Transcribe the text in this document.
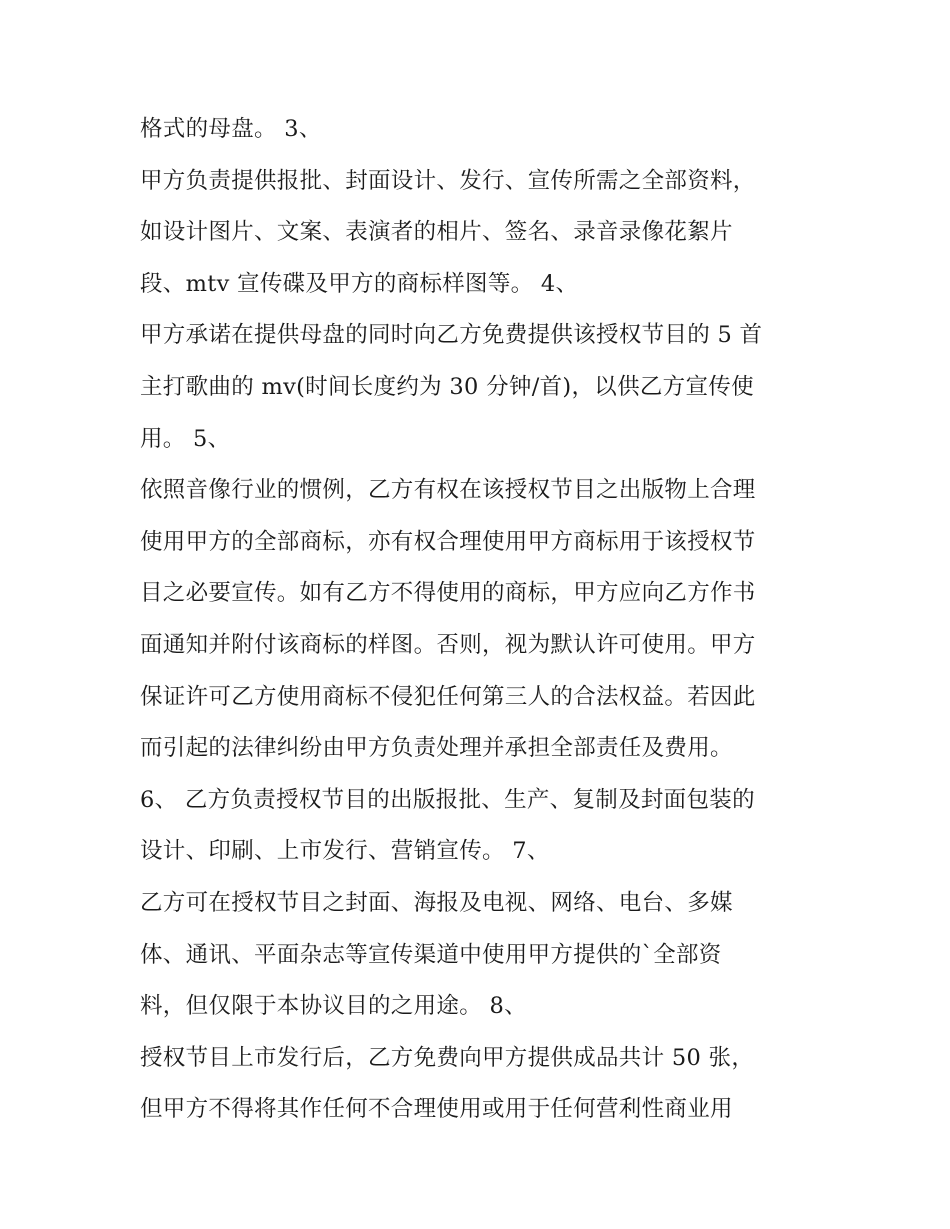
格式的母盘。 3、
甲方负责提供报批、封面设计、发行、宣传所需之全部资料，
如设计图片、文案、表演者的相片、签名、录音录像花絮片
段、mtv 宣传碟及甲方的商标样图等。 4、
甲方承诺在提供母盘的同时向乙方免费提供该授权节目的 5 首
主打歌曲的 mv(时间长度约为 30 分钟/首)，以供乙方宣传使
用。 5、
依照音像行业的惯例，乙方有权在该授权节目之出版物上合理
使用甲方的全部商标，亦有权合理使用甲方商标用于该授权节
目之必要宣传。如有乙方不得使用的商标，甲方应向乙方作书
面通知并附付该商标的样图。否则，视为默认许可使用。甲方
保证许可乙方使用商标不侵犯任何第三人的合法权益。若因此
而引起的法律纠纷由甲方负责处理并承担全部责任及费用。
6、 乙方负责授权节目的出版报批、生产、复制及封面包装的
设计、印刷、上市发行、营销宣传。 7、
乙方可在授权节目之封面、海报及电视、网络、电台、多媒
体、通讯、平面杂志等宣传渠道中使用甲方提供的`全部资
料，但仅限于本协议目的之用途。 8、
授权节目上市发行后，乙方免费向甲方提供成品共计 50 张，
但甲方不得将其作任何不合理使用或用于任何营利性商业用
